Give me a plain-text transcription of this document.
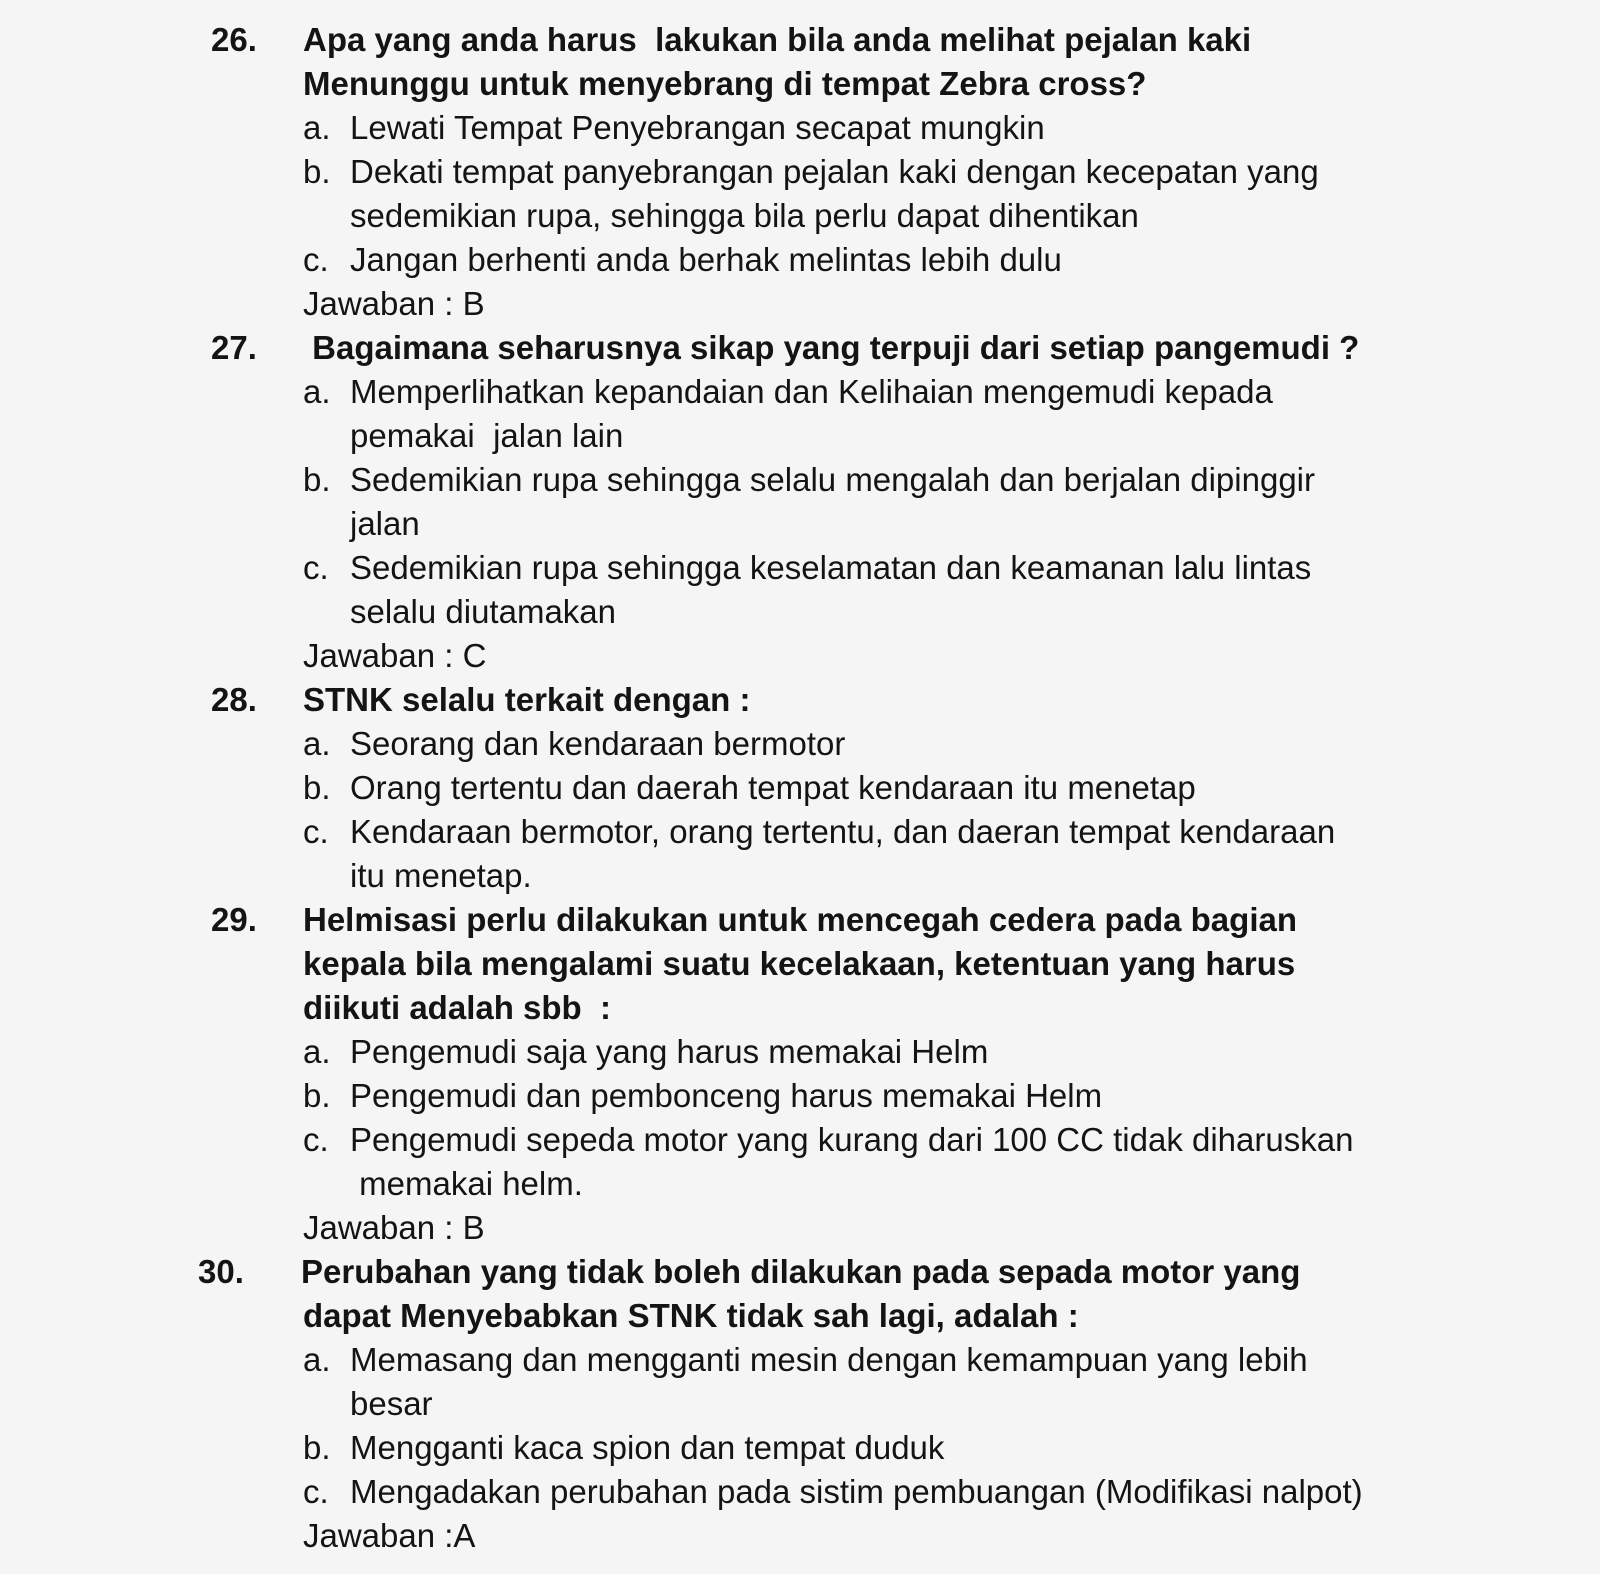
26. Apa yang anda harus  lakukan bila anda melihat pejalan kaki
Menunggu untuk menyebrang di tempat Zebra cross?
a. Lewati Tempat Penyebrangan secapat mungkin
b. Dekati tempat panyebrangan pejalan kaki dengan kecepatan yang
sedemikian rupa, sehingga bila perlu dapat dihentikan
c. Jangan berhenti anda berhak melintas lebih dulu
Jawaban : B
27. Bagaimana seharusnya sikap yang terpuji dari setiap pangemudi ?
a. Memperlihatkan kepandaian dan Kelihaian mengemudi kepada
pemakai  jalan lain
b. Sedemikian rupa sehingga selalu mengalah dan berjalan dipinggir
jalan
c. Sedemikian rupa sehingga keselamatan dan keamanan lalu lintas
selalu diutamakan
Jawaban : C
28. STNK selalu terkait dengan :
a. Seorang dan kendaraan bermotor
b. Orang tertentu dan daerah tempat kendaraan itu menetap
c. Kendaraan bermotor, orang tertentu, dan daeran tempat kendaraan
itu menetap.
29. Helmisasi perlu dilakukan untuk mencegah cedera pada bagian
kepala bila mengalami suatu kecelakaan, ketentuan yang harus
diikuti adalah sbb  :
a. Pengemudi saja yang harus memakai Helm
b. Pengemudi dan pembonceng harus memakai Helm
c. Pengemudi sepeda motor yang kurang dari 100 CC tidak diharuskan
memakai helm.
Jawaban : B
30. Perubahan yang tidak boleh dilakukan pada sepada motor yang
dapat Menyebabkan STNK tidak sah lagi, adalah :
a. Memasang dan mengganti mesin dengan kemampuan yang lebih
besar
b. Mengganti kaca spion dan tempat duduk
c. Mengadakan perubahan pada sistim pembuangan (Modifikasi nalpot)
Jawaban :A
